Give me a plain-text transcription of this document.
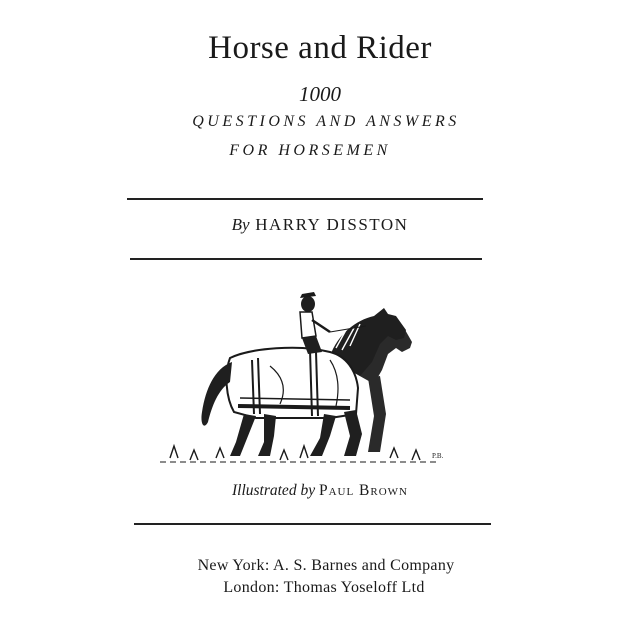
Horse and Rider
1000
QUESTIONS AND ANSWERS
FOR HORSEMEN
By HARRY DISSTON
P.B.
Illustrated by Paul Brown
New York: A. S. Barnes and Company
London: Thomas Yoseloff Ltd
